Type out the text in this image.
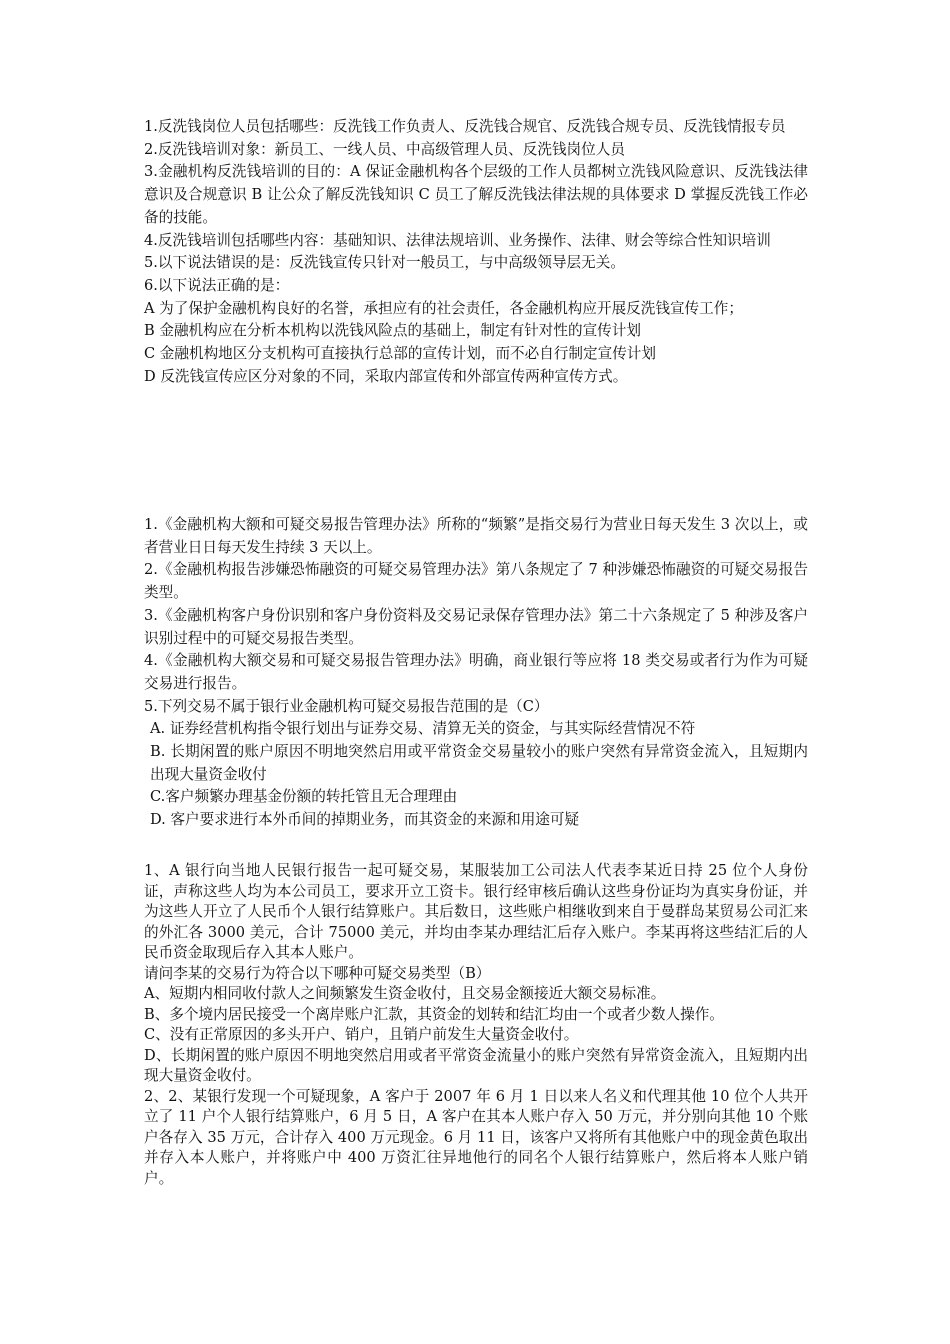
1.反洗钱岗位人员包括哪些：反洗钱工作负责人、反洗钱合规官、反洗钱合规专员、反洗钱情报专员

2.反洗钱培训对象：新员工、一线人员、中高级管理人员、反洗钱岗位人员

3.金融机构反洗钱培训的目的：A 保证金融机构各个层级的工作人员都树立洗钱风险意识、反洗钱法律意识及合规意识 B 让公众了解反洗钱知识 C 员工了解反洗钱法律法规的具体要求 D 掌握反洗钱工作必备的技能。

4.反洗钱培训包括哪些内容：基础知识、法律法规培训、业务操作、法律、财会等综合性知识培训

5.以下说法错误的是：反洗钱宣传只针对一般员工，与中高级领导层无关。

6.以下说法正确的是：

A 为了保护金融机构良好的名誉，承担应有的社会责任，各金融机构应开展反洗钱宣传工作；

B 金融机构应在分析本机构以洗钱风险点的基础上，制定有针对性的宣传计划

C 金融机构地区分支机构可直接执行总部的宣传计划，而不必自行制定宣传计划

D 反洗钱宣传应区分对象的不同，采取内部宣传和外部宣传两种宣传方式。

1.《金融机构大额和可疑交易报告管理办法》所称的“频繁”是指交易行为营业日每天发生 3 次以上，或者营业日日每天发生持续 3 天以上。

2.《金融机构报告涉嫌恐怖融资的可疑交易管理办法》第八条规定了 7 种涉嫌恐怖融资的可疑交易报告类型。

3.《金融机构客户身份识别和客户身份资料及交易记录保存管理办法》第二十六条规定了 5 种涉及客户识别过程中的可疑交易报告类型。

4.《金融机构大额交易和可疑交易报告管理办法》明确，商业银行等应将 18 类交易或者行为作为可疑交易进行报告。

5.下列交易不属于银行业金融机构可疑交易报告范围的是（C）

A. 证券经营机构指令银行划出与证券交易、清算无关的资金，与其实际经营情况不符

B. 长期闲置的账户原因不明地突然启用或平常资金交易量较小的账户突然有异常资金流入，且短期内出现大量资金收付

C.客户频繁办理基金份额的转托管且无合理理由

D. 客户要求进行本外币间的掉期业务，而其资金的来源和用途可疑

1、A 银行向当地人民银行报告一起可疑交易，某服装加工公司法人代表李某近日持 25 位个人身份证，声称这些人均为本公司员工，要求开立工资卡。银行经审核后确认这些身份证均为真实身份证，并为这些人开立了人民币个人银行结算账户。其后数日，这些账户相继收到来自于曼群岛某贸易公司汇来的外汇各 3000 美元，合计 75000 美元，并均由李某办理结汇后存入账户。李某再将这些结汇后的人民币资金取现后存入其本人账户。

请问李某的交易行为符合以下哪种可疑交易类型（B）

A、短期内相同收付款人之间频繁发生资金收付，且交易金额接近大额交易标准。

B、多个境内居民接受一个离岸账户汇款，其资金的划转和结汇均由一个或者少数人操作。

C、没有正常原因的多头开户、销户，且销户前发生大量资金收付。

D、长期闲置的账户原因不明地突然启用或者平常资金流量小的账户突然有异常资金流入，且短期内出现大量资金收付。

2、2、某银行发现一个可疑现象，A 客户于 2007 年 6 月 1 日以来人名义和代理其他 10 位个人共开立了 11 户个人银行结算账户，6 月 5 日，A 客户在其本人账户存入 50 万元，并分别向其他 10 个账户各存入 35 万元，合计存入 400 万元现金。6 月 11 日，该客户又将所有其他账户中的现金黄色取出并存入本人账户，并将账户中 400 万资汇往异地他行的同名个人银行结算账户，然后将本人账户销户。
